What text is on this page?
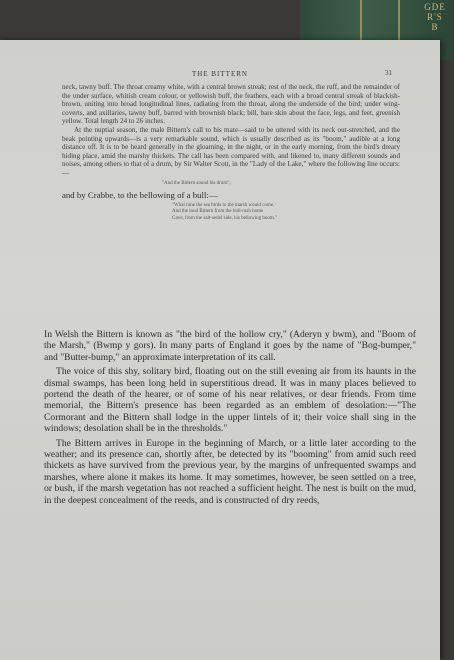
GDE
R'S
B
THE BITTERN	31

neck, tawny buff. The throat creamy white, with a central brown streak; rest of the neck, the ruff, and the remainder of the under surface, whitish cream colour, or yellowish buff, the feathers, each with a broad central streak of blackish-brown, uniting into broad longitudinal lines, radiating from the throat, along the underside of the bird; under wing-coverts, and axillaries, tawny buff, barred with brownish black; bill, bare skin about the face, legs, and feet, greenish yellow. Total length 24 to 26 inches.

At the nuptial season, the male Bittern's call to his mate—said to be uttered with its neck out-stretched, and the beak pointing upwards—is a very remarkable sound, which is usually described as its "boom," audible at a long distance off. It is to be heard generally in the gloaming, in the night, or in the early morning, from the bird's dreary hiding place, amid the marshy thickets. The call has been compared with, and likened to, many different sounds and noises, among others to that of a drum, by Sir Walter Scott, in the "Lady of the Lake," where the following line occurs:—

"And the Bittern sound his drum";
and by Crabbe, to the bellowing of a bull:—
"What time the sea birds to the marsh would come,
And the loud Bittern from the bull-rush home
Gave, from the salt-sedel side, his bellowing boom."

In Welsh the Bittern is known as "the bird of the hollow cry," (Aderyn y bwm), and "Boom of the Marsh," (Bwmp y gors). In many parts of England it goes by the name of "Bog-bumper," and "Butter-bump," an approximate interpretation of its call.

The voice of this shy, solitary bird, floating out on the still evening air from its haunts in the dismal swamps, has been long held in superstitious dread. It was in many places believed to portend the death of the hearer, or of some of his near relatives, or dear friends. From time memorial, the Bittern's presence has been regarded as an emblem of desolation:—"The Cormorant and the Bittern shall lodge in the upper lintels of it; their voice shall sing in the windows; desolation shall be in the thresholds."

The Bittern arrives in Europe in the beginning of March, or a little later according to the weather; and its presence can, shortly after, be detected by its "booming" from amid such reed thickets as have survived from the previous year, by the margins of unfrequented swamps and marshes, where alone it makes its home. It may sometimes, however, be seen settled on a tree, or bush, if the marsh vegetation has not reached a sufficient height. The nest is built on the mud, in the deepest concealment of the reeds, and is constructed of dry reeds,
